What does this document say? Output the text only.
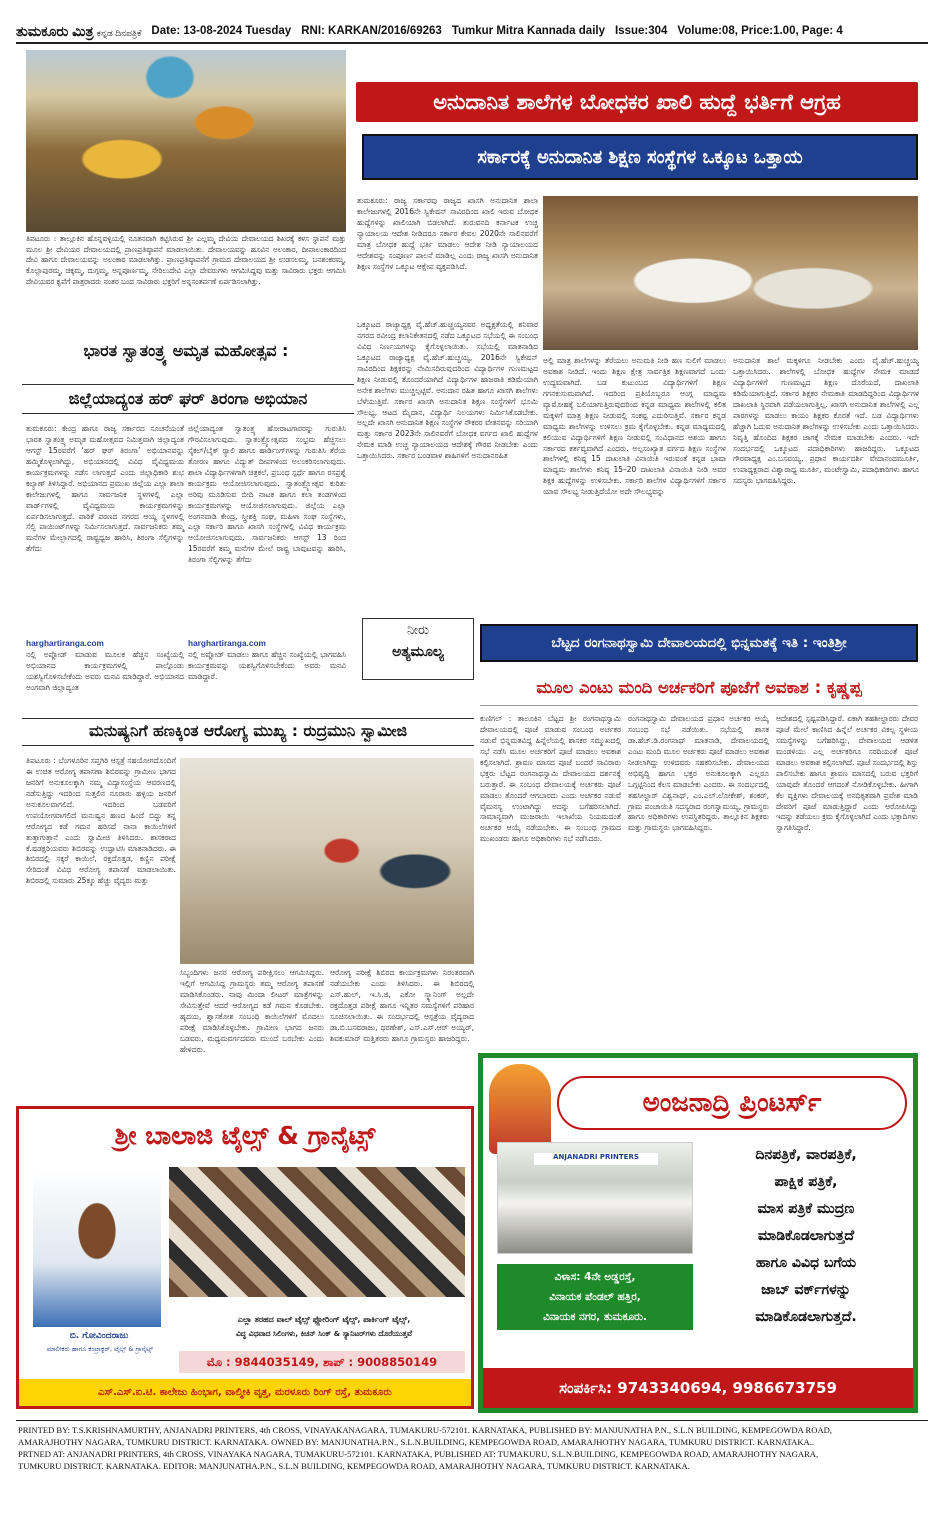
ತುಮಕೂರು ಮಿತ್ರ ಕನ್ನಡ ದಿನಪತ್ರಿಕೆ Date: 13-08-2024 Tuesday RNI: KARKAN/2016/69263 Tumkur Mitra Kannada daily Issue:304 Volume:08, Price:1.00, Page: 4
ತಿಪಟೂರು : ತಾಲ್ಲೂಕಿನ ಹೊನ್ನವಳ್ಳಿಯಲ್ಲಿ ನೂತನವಾಗಿ ಕಟ್ಟಿಸಿರುವ ಶ್ರೀ ಎಲ್ಲಮ್ಮ ದೇವಿಯ ದೇವಾಲಯದ ಶಿಖರಕ್ಕೆ ಕಳಸ ಸ್ಥಾಪನೆ ಮತ್ತು ಮೂಲ ಶ್ರೀ ದೇವಿಯರ ದೇವಾಲಯದಲ್ಲಿ ಪ್ರಾಣಪ್ರತಿಷ್ಠಾಪನೆ ಮಾಡಲಾಯಿತು. ದೇವಾಲಯವನ್ನು ಹೂವಿನ ಅಲಂಕಾರ, ದೀಪಾಲಂಕಾರದಿಂದ ದೇವಿ ಹಾಗೂ ದೇವಾಲಯವನ್ನು ಅಲಂಕಾರ ಮಾಡಲಾಗಿತ್ತು. ಪ್ರಾಣಪ್ರತಿಷ್ಠಾಪನೆಗೆ ಗ್ರಾಮದ ದೇವಾಲಯದ ಶ್ರೀ ಉಡಸಲಮ್ಮ, ಬನಶಂಕರಮ್ಮ, ಕೊಲ್ಲಾಪುರಮ್ಮ, ಚಿಕ್ಕಮ್ಮ, ದುಗ್ಗಮ್ಮ, ಅನ್ನಪೂರ್ಣಮ್ಮ, ನೇರಿಲುದೇವಿ ಎಲ್ಲಾ ದೇವರುಗಳು ಆಗಮಿಸಿದ್ದವು ಮತ್ತು ಸಾವಿರಾರು ಭಕ್ತರು ಆಗಮಿಸಿ ದೇವಿಯವರ ಕೃಪೆಗೆ ಪಾತ್ರರಾದರು ನಂತರ ಬಂದ ಸಾವಿರಾರು ಭಕ್ತರಿಗೆ ಅನ್ನಸಂತರ್ಪಣೆ ಏರ್ಪಡಿಸಲಾಗಿತ್ತು.
ಅನುದಾನಿತ ಶಾಲೆಗಳ ಬೋಧಕರ ಖಾಲಿ ಹುದ್ದೆ ಭರ್ತಿಗೆ ಆಗ್ರಹ
ಸರ್ಕಾರಕ್ಕೆ ಅನುದಾನಿತ ಶಿಕ್ಷಣ ಸಂಸ್ಥೆಗಳ ಒಕ್ಕೂಟ ಒತ್ತಾಯ
ತುಮಕೂರು: ರಾಜ್ಯ ಸರ್ಕಾರವು ರಾಜ್ಯದ ಖಾಸಗಿ ಅನುದಾನಿತ ಶಾಲಾ ಕಾಲೇಜುಗಳಲ್ಲಿ 2016ನೇ ಸ್ವಿಕೇಷನ್ ಸಾವಿರದಿಂದ ಖಾಲಿ ಇರುವ ಬೋಧಕ ಹುದ್ದೆಗಳನ್ನು ಖಾಲಿಯಾಗಿ ಬಿಡಲಾಗಿದೆ. ತುರುವನದಿ ಕರ್ನಾಟಕ ಉಚ್ಚ ನ್ಯಾಯಾಲಯ ಆದೇಶ ನೀಡಿದರೂ ಸರ್ಕಾರ ಕೇವಲ 2020ನೇ ಸಾಲಿನವರೆಗೆ ಮಾತ್ರ ಬೋಧಕ ಹುದ್ದೆ ಭರ್ತಿ ಮಾಡಲು ಆದೇಶ ನೀಡಿ ನ್ಯಾಯಾಲಯದ ಆದೇಶವನ್ನು ಸಂಪೂರ್ಣ ಪಾಲನೆ ಮಾಡಿಲ್ಲ ಎಂದು ರಾಜ್ಯ ಖಾಸಗಿ ಅನುದಾನಿತ ಶಿಕ್ಷಣ ಸಂಸ್ಥೆಗಳ ಒಕ್ಕೂಟ ಆಕ್ಷೇಪ ವ್ಯಕ್ತಪಡಿಸಿದೆ.
ಒಕ್ಕೂಟದ ರಾಜ್ಯಾಧ್ಯಕ್ಷ ವೈ.ಹೆಚ್.ಹುಚ್ಚಯ್ಯನವರ ಅಧ್ಯಕ್ಷತೆಯಲ್ಲಿ ಶನಿವಾರ ನಗರದ ರವೀಂದ್ರ ಕಲಾನಿಕೇತನದಲ್ಲಿ ನಡೆದ ಒಕ್ಕೂಟದ ಸಭೆಯಲ್ಲಿ ಈ ಸಂಬಂಧ ವಿವಿಧ ನಿರ್ಣಯಗಳನ್ನು ಕೈಗೊಳ್ಳಲಾಯಿತು. ಸಭೆಯಲ್ಲಿ ಮಾತನಾಡಿದ ಒಕ್ಕೂಟದ ರಾಜ್ಯಾಧ್ಯಕ್ಷ ವೈ.ಹೆಚ್.ಹುಚ್ಚಯ್ಯ, 2016ನೇ ಸ್ವಿಕೇಷನ್ ಸಾವಿರದಿಂದ ಶಿಕ್ಷಕರನ್ನು ನೇಮಿಸದಿರುವುದರಿಂದ ವಿದ್ಯಾರ್ಥಿಗಳ ಗುಣಮಟ್ಟದ ಶಿಕ್ಷಣ ನೀಡುವಲ್ಲಿ ತೊಂದರೆಯಾಗಿದೆ ವಿದ್ಯಾರ್ಥಿಗಳ ಹಾಜರಾತಿ ಕಡಿಮೆಯಾಗಿ ಅನೇಕ ಶಾಲೆಗಳು ಮುಚ್ಚಲ್ಪಟ್ಟಿವೆ. ಅನುದಾನ ರಹಿತ ಹಾಗೂ ಖಾಸಗಿ ಶಾಲೆಗಳು ಬೆಳೆಯುತ್ತಿವೆ. ಸರ್ಕಾರ ಖಾಸಗಿ ಅನುದಾನಿತ ಶಿಕ್ಷಣ ಸಂಸ್ಥೆಗಳಿಗೆ ಭೂಮಿ ಸೌಲಭ್ಯ, ಆಟದ ಮೈದಾನ, ವಿದ್ಯಾರ್ಥಿ ನಿಲಯಗಳು ನಿರ್ಮಿಸಿಕೊಡಬೇಕು. ಅಲ್ಲದೇ ಖಾಸಗಿ ಅನುದಾನಿತ ಶಿಕ್ಷಣ ಸಂಸ್ಥೆಗಳ ನೌಕರರ ವೇತನವನ್ನು ಸರಿಯಾಗಿ ಮತ್ತು ಸರ್ಕಾರ 2023ನೇ ಸಾಲಿನವರೆಗೆ ಬೋಧಕ ವರ್ಗದ ಖಾಲಿ ಹುದ್ದೆಗಳ ನೇಮಕ ಮಾಡಿ ಉಚ್ಚ ನ್ಯಾಯಾಲಯದ ಆದೇಶಕ್ಕೆ ಗೌರವ ನೀಡಬೇಕು ಎಂದು ಒತ್ತಾಯಿಸಿದರು. ಸರ್ಕಾರ ಬಂಡವಾಳ ಶಾಹಿಗಳಿಗೆ ಅನುದಾನರಹಿತ
ಅಲ್ಲಿ ಮಾತ್ರ ಶಾಲೆಗಳನ್ನು ತೆರೆಯಲು ಅನುಮತಿ ನೀಡಿ ಹಣ ಸುಲಿಗೆ ಮಾಡಲು ಅವಕಾಶ ನೀಡಿದೆ. ಇಂದು ಶಿಕ್ಷಣ ಕ್ಷೇತ್ರ ಸಾರ್ವತ್ರಿಕ ಶಿಕ್ಷಣವಾಗದೆ ಒಂದು ಉದ್ಯಮವಾಗಿದೆ. ಬಡ ಕುಟುಂಬದ ವಿದ್ಯಾರ್ಥಿಗಳಿಗೆ ಶಿಕ್ಷಣ ಗಗನಕುಸುಮವಾಗಿದೆ. ಇದರಿಂದ ಪ್ರತಿಯೊಬ್ಬರೂ ಆಂಗ್ಲ ಮಾಧ್ಯಮ ವ್ಯಾಮೋಹಕ್ಕೆ ಬಲಿಯಾಗುತ್ತಿರುವುದರಿಂದ ಕನ್ನಡ ಮಾಧ್ಯಮ ಶಾಲೆಗಳಲ್ಲಿ ಕಲಿತ ಮಕ್ಕಳಿಗೆ ಮಾತ್ರ ಶಿಕ್ಷಣ ನೀಡುವಲ್ಲಿ ಸಂಕಷ್ಟ ಎದುರಿಸುತ್ತಿವೆ. ಸರ್ಕಾರ ಕನ್ನಡ ಮಾಧ್ಯಮ ಶಾಲೆಗಳನ್ನು ಉಳಿಸಲು ಕ್ರಮ ಕೈಗೊಳ್ಳಬೇಕು. ಕನ್ನಡ ಮಾಧ್ಯಮದಲ್ಲಿ ಕಲಿಯುವ ವಿದ್ಯಾರ್ಥಿಗಳಿಗೆ ಶಿಕ್ಷಣ ನೀಡುವಲ್ಲಿ ಸಂವಿಧಾನದ ಆಶಯ ಹಾಗೂ ಸರ್ಕಾರದ ಕರ್ತವ್ಯವಾಗಿದೆ ಎಂದರು. ಅಲ್ಪಸಂಖ್ಯಾತ ವರ್ಗದ ಶಿಕ್ಷಣ ಸಂಸ್ಥೆಗಳ ಶಾಲೆಗಳಲ್ಲಿ ಕನಿಷ್ಠ 15 ದಾಖಲಾತಿ ವಿನಾಯಿತಿ ಇರುವಂತೆ ಕನ್ನಡ ಭಾಷಾ ಮಾಧ್ಯಮ ಶಾಲೆಗಳು ಕನಿಷ್ಠ 15–20 ದಾಖಲಾತಿ ವಿನಾಯಿತಿ ನೀಡಿ ಅವರ ಶಿಕ್ಷಕ ಹುದ್ದೆಗಳನ್ನು ಉಳಿಸಬೇಕು. ಸರ್ಕಾರಿ ಶಾಲೆಗಳ ವಿದ್ಯಾರ್ಥಿಗಳಿಗೆ ಸರ್ಕಾರ ಯಾವ ಸೌಲಭ್ಯ ನೀಡುತ್ತಿದೆಯೋ ಅದೇ ಸೌಲಭ್ಯವನ್ನು
ಅನುದಾನಿತ ಶಾಲೆ ಮಕ್ಕಳಿಗೂ ನೀಡಬೇಕು ಎಂದು ವೈ.ಹೆಚ್.ಹುಚ್ಚಯ್ಯ ಒತ್ತಾಯಿಸಿದರು. ಶಾಲೆಗಳಲ್ಲಿ ಬೋಧಕ ಹುದ್ದೆಗಳ ನೇಮಕ ಮಾಡದೆ ವಿದ್ಯಾರ್ಥಿಗಳಿಗೆ ಗುಣಮಟ್ಟದ ಶಿಕ್ಷಣ ದೊರೆಯದೆ, ದಾಖಲಾತಿ ಕಡಿಮೆಯಾಗುತ್ತಿದೆ. ಸರ್ಕಾರ ಶಿಕ್ಷಕರ ನೇಮಕಾತಿ ಮಾಡದಿದ್ದರಿಂದ ವಿದ್ಯಾರ್ಥಿಗಳ ದಾಖಲಾತಿ ಸ್ಥಿರವಾಗಿ ಪಡೆಯಲಾಗುತ್ತಿಲ್ಲ. ಖಾಸಗಿ ಅನುದಾನಿತ ಶಾಲೆಗಳಲ್ಲಿ ಎಲ್ಲ ಪಾಠಗಳನ್ನು ಮಾಡಲು ಕಾಯಂ ಶಿಕ್ಷಕರ ಕೊರತೆ ಇದೆ. ಬಡ ವಿದ್ಯಾರ್ಥಿಗಳು ಹೆಚ್ಚಾಗಿ ಓದುವ ಅನುದಾನಿತ ಶಾಲೆಗಳನ್ನು ಉಳಿಸಬೇಕು ಎಂದು ಒತ್ತಾಯಿಸಿದರು. ನಿವೃತ್ತಿ ಹೊಂದಿದ ಶಿಕ್ಷಕರ ಜಾಗಕ್ಕೆ ನೇಮಕ ಮಾಡಬೇಕು ಎಂದರು. ಇದೇ ಸಂದರ್ಭದಲ್ಲಿ ಒಕ್ಕೂಟದ ಪದಾಧಿಕಾರಿಗಳು ಹಾಜರಿದ್ದರು. ಒಕ್ಕೂಟದ ಗೌರವಾಧ್ಯಕ್ಷ ಎಂ.ಬಸವಯ್ಯ, ಪ್ರಧಾನ ಕಾರ್ಯದರ್ಶಿ ವೇದಾನಂದಮೂರ್ತಿ, ಉಪಾಧ್ಯಕ್ಷರಾದ ವಿಶ್ವಾರಾಧ್ಯ ಮೂರ್ತಿ, ಮಂಟೇಸ್ವಾಮಿ, ಪದಾಧಿಕಾರಿಗಳು ಹಾಗೂ ಸದಸ್ಯರು ಭಾಗವಹಿಸಿದ್ದರು.
ಭಾರತ ಸ್ವಾತಂತ್ರ್ಯ ಅಮೃತ ಮಹೋತ್ಸವ :
ಜಿಲ್ಲೆಯಾದ್ಯಂತ ಹರ್ ಘರ್ ತಿರಂಗಾ ಅಭಿಯಾನ
ತುಮಕೂರು: ಕೇಂದ್ರ ಹಾಗೂ ರಾಜ್ಯ ಸರ್ಕಾರದ ಸೂಚನೆಯಂತೆ ಭಾರತ ಸ್ವಾತಂತ್ರ್ಯ ಅಮೃತ ಮಹೋತ್ಸವದ ನಿಮಿತ್ತವಾಗಿ ಜಿಲ್ಲಾದ್ಯಂತ ಆಗಸ್ಟ್ 15ರವರೆಗೆ ‘ಹರ್ ಘರ್ ತಿರಂಗಾ’ ಅಭಿಯಾನವನ್ನು ಹಮ್ಮಿಕೊಳ್ಳಲಾಗಿದ್ದು, ಅಭಿಯಾನದಲ್ಲಿ ವಿವಿಧ ವೈವಿಧ್ಯಮಯ ಕಾರ್ಯಕ್ರಮಗಳನ್ನು ನಡೆಸ ಲಾಗುತ್ತದೆ ಎಂದು ಜಿಲ್ಲಾಧಿಕಾರಿ ಶುಭ ಕಲ್ಯಾಣ್ ತಿಳಿಸಿದ್ದಾರೆ. ಅಭಿಯಾನದ ಪ್ರಮುಖ ಜಿಲ್ಲೆಯ ಎಲ್ಲಾ ಶಾಲಾ ಕಾಲೇಜುಗಳಲ್ಲಿ ಹಾಗೂ ಸಾರ್ವಜನಿಕ ಸ್ಥಳಗಳಲ್ಲಿ ಎಲ್ಲಾ ವಾರ್ಡ್‌ಗಳಲ್ಲಿ ವೈವಿಧ್ಯಮಯ ಕಾರ್ಯಕ್ರಮಗಳನ್ನು ಏರ್ಪಡಿಸಲಾಗುತ್ತದೆ. ಪಾಠಿಕೆ ಪಠಣದ ನಗರದ ಆಯ್ದ ಸ್ಥಳಗಳಲ್ಲಿ ಸೆಲ್ಫಿ ಪಾಯಿಂಟ್‌ಗಳನ್ನು ನಿರ್ಮಿಸಲಾಗುತ್ತದೆ. ಸಾರ್ವಜನಿಕರು ತಮ್ಮ ಮನೆಗಳ ಮೇಲ್ಭಾಗದಲ್ಲಿ ರಾಷ್ಟ್ರಧ್ವಜ ಹಾರಿಸಿ, ತಿರಂಗಾ ಸೆಲ್ಫಿಗಳನ್ನು ತೆಗೆದು
harghartiranga.com
ನಲ್ಲಿ ಅಪ್ಲೋಡ್ ಮಾಡುವ ಮೂಲಕ ಹೆಚ್ಚಿನ ಸಂಖ್ಯೆಯಲ್ಲಿ ಅಭಿಯಾನದ ಕಾರ್ಯಕ್ರಮಗಳಲ್ಲಿ ಪಾಲ್ಗೊಂಡು ಯಶಸ್ವಿಗೊಳಿಸಬೇಕೆಂದು ಅವರು ಮನವಿ ಮಾಡಿದ್ದಾರೆ. ಅಭಿಯಾನದ ಅಂಗವಾಗಿ ಜಿಲ್ಲಾದ್ಯಂತ
ಜಿಲ್ಲೆಯಾದ್ಯಂತ ಸ್ವಾತಂತ್ರ್ಯ ಹೋರಾಟಗಾರರನ್ನು ಗುರುತಿಸಿ ಗೌರವಿಸಲಾಗುವುದು. ಸ್ವಾತಂತ್ರ್ಯೋತ್ಸವದ ಸಂಭ್ರಮ ಹೆಚ್ಚಿಸಲು ಸೈಕಲ್/ಬೈಕ್ ರ‍್ಯಾಲಿ ಹಾಗೂ ಹಾರ್ಡಿಂಗ್‌ಗಳನ್ನು ಗುರುತಿಸಿ ತೆರೆಯ ತೋರಣ ಹಾಗೂ ವಿದ್ಯುತ್ ದೀಪಗಳಿಂದ ಅಲಂಕರಿಸಲಾಗುವುದು. ಶಾಲಾ ವಿದ್ಯಾರ್ಥಿಗಳಿಗಾಗಿ ಚಿತ್ರಕಲೆ, ಪ್ರಬಂಧ ಸ್ಪರ್ಧೆ ಹಾಗೂ ರಸಪ್ರಶ್ನೆ ಕಾರ್ಯಕ್ರಮ ಆಯೋಜಿಸಲಾಗುವುದು. ಸ್ವಾತಂತ್ರ್ಯೋತ್ಸವ ಕುರಿತು ಅರಿವು ಮೂಡಿಸುವ ಬೀದಿ ನಾಟಕ ಹಾಗೂ ಕಲಾ ತಂಡಗಳಿಂದ ಕಾರ್ಯಕ್ರಮಗಳನ್ನು ಆಯೋಜಿಸಲಾಗುವುದು. ಜಿಲ್ಲೆಯ ಎಲ್ಲಾ ಅಂಗನವಾಡಿ ಕೇಂದ್ರ, ಸ್ತ್ರೀಶಕ್ತಿ ಸಂಘ, ಮಹಿಳಾ ಸಂಘ ಸಂಸ್ಥೆಗಳು, ಎಲ್ಲಾ ಸರ್ಕಾರಿ ಹಾಗೂ ಖಾಸಗಿ ಸಂಸ್ಥೆಗಳಲ್ಲಿ ವಿವಿಧ ಕಾರ್ಯಕ್ರಮ ಆಯೋಜಿಸಲಾಗುವುದು. ಸಾರ್ವಜನಿಕರು ಆಗಸ್ಟ್ 13 ರಿಂದ 15ರವರೆಗೆ ತಮ್ಮ ಮನೆಗಳ ಮೇಲೆ ರಾಷ್ಟ್ರ ಬಾವುಟವನ್ನು ಹಾರಿಸಿ, ತಿರಂಗಾ ಸೆಲ್ಫಿಗಳನ್ನು ತೆಗೆದು
harghartiranga.com
ನಲ್ಲಿ ಅಪ್ಲೋಡ್ ಮಾಡಲು ಹಾಗೂ ಹೆಚ್ಚಿನ ಸಂಖ್ಯೆಯಲ್ಲಿ ಭಾಗವಹಿಸಿ ಕಾರ್ಯಕ್ರಮವನ್ನು ಯಶಸ್ವಿಗೊಳಿಸಬೇಕೆಂದು ಅವರು ಮನವಿ ಮಾಡಿದ್ದಾರೆ.
ನೀರು
ಅತ್ಯಮೂಲ್ಯ
ಬೆಟ್ಟದ ರಂಗನಾಥಸ್ವಾಮಿ ದೇವಾಲಯದಲ್ಲಿ ಭಿನ್ನಮತಕ್ಕೆ ಇತಿ : ಇಂತಿಶ್ರೀ
ಮೂಲ ಎಂಟು ಮಂದಿ ಅರ್ಚಕರಿಗೆ ಪೂಜೆಗೆ ಅವಕಾಶ : ಕೃಷ್ಣಪ್ಪ
ಮನುಷ್ಯನಿಗೆ ಹಣಕ್ಕಿಂತ ಆರೋಗ್ಯ ಮುಖ್ಯ : ರುದ್ರಮುನಿ ಸ್ವಾಮೀಜಿ
ತಿಪಟೂರು : ಬೆಂಗಳೂರಿನ ಸಪ್ತಗಿರಿ ಆಸ್ಪತ್ರೆ ಸಹಯೋಗದೊಂದಿಗೆ ಈ ಉಚಿತ ಆರೋಗ್ಯ ತಪಾಸಣಾ ಶಿಬಿರವನ್ನು ಗ್ರಾಮೀಣ ಭಾಗದ ಜನರಿಗೆ ಅನುಕೂಲಕ್ಕಾಗಿ ನಮ್ಮ ವಿದ್ಯಾಸಂಸ್ಥೆಯ ಆವರಣದಲ್ಲಿ ನಡೆಸುತ್ತಿದ್ದು ಇದರಿಂದ ಸುತ್ತಲಿನ ನೂರಾರು ಹಳ್ಳಿಯ ಜನರಿಗೆ ಅನುಕೂಲವಾಗಲಿದೆ. ಇದರಿಂದ ಬಡವರಿಗೆ ಉಪಯೋಗವಾಗಲಿದೆ ಮನುಷ್ಯನ ಹಣದ ಹಿಂದೆ ಬಿದ್ದು ತನ್ನ ಆರೋಗ್ಯದ ಕಡೆ ಗಮನ ಹರಿಸದೆ ನಾನಾ ಕಾಯಿಲೆಗಳಿಗೆ ತುತ್ತಾಗುತ್ತಾನೆ ಎಂದು ಸ್ವಾಮೀಜಿ ತಿಳಿಸಿದರು. ಶಾಸಕರಾದ ಕೆ.ಷಡಕ್ಷರಿಯವರು ಶಿಬಿರವನ್ನು ಉದ್ಘಾಟಿಸಿ ಮಾತನಾಡಿದರು. ಈ ಶಿಬಿರದಲ್ಲಿ ಸಕ್ಕರೆ ಕಾಯಿಲೆ, ರಕ್ತದೊತ್ತಡ, ಕಣ್ಣಿನ ಪರೀಕ್ಷೆ ಸೇರಿದಂತೆ ವಿವಿಧ ಆರೋಗ್ಯ ತಪಾಸಣೆ ಮಾಡಲಾಯಿತು. ಶಿಬಿರದಲ್ಲಿ ಸುಮಾರು 25ಕ್ಕೂ ಹೆಚ್ಚು ವೈದ್ಯರು ಮತ್ತು
ಸಿಬ್ಬಂದಿಗಳು ಜನರ ಆರೋಗ್ಯ ಪರೀಕ್ಷಿಸಲು ಆಗಮಿಸಿದ್ದರು. ಇಲ್ಲಿಗೆ ಆಗಮಿಸಿದ್ದ ಗ್ರಾಮಸ್ಥರು ತಮ್ಮ ಆರೋಗ್ಯ ತಪಾಸಣೆ ಮಾಡಿಸಿಕೊಂಡರು. ನಾವು ಮಿಂದಾ ಲೀಟರ್ ಮಾತ್ರೆಗಳನ್ನು ಸೇವಿಸುತ್ತೇವೆ ಆದರೆ ಆರೋಗ್ಯದ ಕಡೆ ಗಮನ ಕೊಡಬೇಕು. ಹೃದಯ, ಶ್ವಾಸಕೋಶ ಸಂಬಂಧಿ ಕಾಯಿಲೆಗಳಿಗೆ ಮೊದಲು ಪರೀಕ್ಷೆ ಮಾಡಿಸಿಕೊಳ್ಳಬೇಕು. ಗ್ರಾಮೀಣ ಭಾಗದ ಜನರು ಬಡವರು, ಮಧ್ಯಮವರ್ಗದವರು ಮುಂದೆ ಬರಬೇಕು ಎಂದು ಹೇಳಿದರು.
ಆರೋಗ್ಯ ಪರೀಕ್ಷೆ ಶಿಬಿರದ ಕಾರ್ಯಕ್ರಮಗಳು ನಿರಂತರವಾಗಿ ನಡೆಯಬೇಕು ಎಂದು ತಿಳಿಸಿದರು. ಈ ಶಿಬಿರದಲ್ಲಿ ಎಸ್‌.ಹುಲ್, ಇ.ಸಿ.ಜಿ, ಎಕೋ ಸ್ಕ್ಯಾನಿಂಗ್ ಅಲ್ಲದೇ ರಕ್ತದೊತ್ತಡ ಪರೀಕ್ಷೆ ಹಾಗೂ ಇನ್ನಿತರ ಸಮಸ್ಯೆಗಳಿಗೆ ಪರಿಹಾರ ಸೂಚಿಸಲಾಯಿತು. ಈ ಸಂದರ್ಭದಲ್ಲಿ ಆಸ್ಪತ್ರೆಯ ವೈದ್ಯರಾದ ಡಾ.ಬಿ.ಬಸವರಾಜು, ಧರಣೇಶ್, ಎಸ್.ಎಸ್.ಆರ್ ಅಯ್ಯರ್, ಶಿವಕುಮಾರ್ ಮತ್ತಿತರರು ಹಾಗೂ ಗ್ರಾಮಸ್ಥರು ಹಾಜರಿದ್ದರು.
ಕುಣಿಗಲ್ : ತಾಲೂಕಿನ ಬೆಟ್ಟದ ಶ್ರೀ ರಂಗನಾಥಸ್ವಾಮಿ ದೇವಾಲಯದಲ್ಲಿ ಪೂಜೆ ಮಾಡುವ ಸಂಬಂಧ ಅರ್ಚಕರ ನಡುವೆ ಭಿನ್ನಮತವಿದ್ದ ಹಿನ್ನೆಲೆಯಲ್ಲಿ ಶಾಸಕರ ಸಮ್ಮುಖದಲ್ಲಿ ಸಭೆ ನಡೆಸಿ ಮೂಲ ಅರ್ಚಕರಿಗೆ ಪೂಜೆ ಮಾಡಲು ಅವಕಾಶ ಕಲ್ಪಿಸಲಾಗಿದೆ. ಶ್ರಾವಣ ಮಾಸದ ಪೂಜೆ ಬಂದರೆ ಸಾವಿರಾರು ಭಕ್ತರು ಬೆಟ್ಟದ ರಂಗನಾಥಸ್ವಾಮಿ ದೇವಾಲಯದ ದರ್ಶನಕ್ಕೆ ಬರುತ್ತಾರೆ. ಈ ಸಂಬಂಧ ದೇವಾಲಯಕ್ಕೆ ಅರ್ಚಕರು ಪೂಜೆ ಮಾಡಲು ತೊಂದರೆ ಆಗಬಾರದು ಎಂದು ಅರ್ಚಕರ ನಡುವೆ ವೈಮನಸ್ಯ ಉಂಟಾಗಿದ್ದು ಅದನ್ನು ಬಗೆಹರಿಸಲಾಗಿದೆ. ಸಾಮಾನ್ಯವಾಗಿ ಮುಜರಾಯಿ ಇಲಾಖೆಯ ನಿಯಮದಂತೆ ಅರ್ಚಕರ ಆಯ್ಕೆ ನಡೆಯಬೇಕು. ಈ ಸಂಬಂಧ ಗ್ರಾಮದ ಮುಖಂಡರು ಹಾಗೂ ಅಧಿಕಾರಿಗಳು ಸಭೆ ನಡೆಸಿದರು.
ರಂಗನಾಥಸ್ವಾಮಿ ದೇವಾಲಯದ ಪ್ರಧಾನ ಅರ್ಚಕರ ಆಯ್ಕೆ ಸಂಬಂಧ ಸಭೆ ನಡೆಯಿತು. ಸಭೆಯಲ್ಲಿ ಶಾಸಕ ಡಾ.ಹೆಚ್.ಡಿ.ರಂಗನಾಥ್ ಮಾತನಾಡಿ, ದೇವಾಲಯದಲ್ಲಿ ಎಂಟು ಮಂದಿ ಮೂಲ ಅರ್ಚಕರು ಪೂಜೆ ಮಾಡಲು ಅವಕಾಶ ನೀಡಲಾಗಿದ್ದು ಉಳಿದವರು ಸಹಕರಿಸಬೇಕು. ದೇವಾಲಯದ ಅಭಿವೃದ್ಧಿ ಹಾಗೂ ಭಕ್ತರ ಅನುಕೂಲಕ್ಕಾಗಿ ಎಲ್ಲರೂ ಒಗ್ಗಟ್ಟಿನಿಂದ ಕೆಲಸ ಮಾಡಬೇಕು ಎಂದರು. ಈ ಸಂದರ್ಭದಲ್ಲಿ ತಹಸೀಲ್ದಾರ್ ವಿಶ್ವನಾಥ್, ಎಂ.ಎಲ್.ಲೋಕೇಶ್, ಶಂಕರ್, ಗ್ರಾಮ ಪಂಚಾಯಿತಿ ಸದಸ್ಯರಾದ ರಂಗಸ್ವಾಮಯ್ಯ, ಗ್ರಾಮಸ್ಥರು ಹಾಗೂ ಅಧಿಕಾರಿಗಳು ಉಪಸ್ಥಿತರಿದ್ದರು. ತಾಲ್ಲೂಕಿನ ಶಿಕ್ಷಕರು ಮತ್ತು ಗ್ರಾಮಸ್ಥರು ಭಾಗವಹಿಸಿದ್ದರು.
ಆದೇಶದಲ್ಲಿ ಸ್ಪಷ್ಟಪಡಿಸಿದ್ದಾರೆ. ಏಕಾಗಿ ತಹಶೀಲ್ದಾರರು ದೇವರ ಪೂಜೆ ಮೇಲೆ ಕಾಣಿಸಿದ ಹಿನ್ನೆಲೆ ಅರ್ಚಕರ ವಿಕಲ್ಪ ಸ್ಥಳೀಯ ಸಮಸ್ಯೆಗಳನ್ನು ಬಗೆಹರಿಸಿದ್ದು, ದೇವಾಲಯದ ಆಡಳಿತ ಮಂಡಳಿಯು ಎಲ್ಲ ಅರ್ಚಕರಿಗೂ ಸರದಿಯಂತೆ ಪೂಜೆ ಮಾಡಲು ಅವಕಾಶ ಕಲ್ಪಿಸಲಾಗಿದೆ. ಪೂಜೆ ಸಂದರ್ಭದಲ್ಲಿ ಶಿಸ್ತು ಪಾಲಿಸಬೇಕು ಹಾಗೂ ಶ್ರಾವಣ ಮಾಸದಲ್ಲಿ ಬರುವ ಭಕ್ತರಿಗೆ ಯಾವುದೇ ತೊಂದರೆ ಆಗದಂತೆ ನೋಡಿಕೊಳ್ಳಬೇಕು. ಹೀಗಾಗಿ ಕೆಲ ವ್ಯಕ್ತಿಗಳು ದೇವಾಲಯಕ್ಕೆ ಅನಧಿಕೃತವಾಗಿ ಪ್ರವೇಶ ಮಾಡಿ ದೇವರಿಗೆ ಪೂಜೆ ಮಾಡುತ್ತಿದ್ದಾರೆ ಎಂದು ಆರೋಪಿಸಿದ್ದು ಇದನ್ನು ತಡೆಯಲು ಕ್ರಮ ಕೈಗೊಳ್ಳಲಾಗಿದೆ ಎಂದು ಭಕ್ತಾದಿಗಳು ಸ್ವಾಗತಿಸಿದ್ದಾರೆ.
ಶ್ರೀ ಬಾಲಾಜಿ ಟೈಲ್ಸ್ & ಗ್ರಾನೈಟ್ಸ್
ಬಿ. ಗೋವಿಂದರಾಜು
ಮಾಲೀಕರು ಹಾಗೂ ಕಂಟ್ರಾಕ್ಟರ್, ಟೈಲ್ಸ್ & ಗ್ರಾನೈಟ್ಸ್
ಎಲ್ಲಾ ತರಹದ ವಾಲ್ ಟೈಲ್ಸ್ ಫ್ಲೋರಿಂಗ್ ಟೈಲ್ಸ್, ಪಾರ್ಕಿಂಗ್ ಟೈಲ್ಸ್,
ವಿದ್ಧ ವಿಧವಾದ ಸಿಲಿಂಗಳು, ಕಿಚನ್ ಸಿಂಕ್ & ಸ್ಯಾನಿಟರ್‌ಗಳು ದೊರೆಯುತ್ತವೆ
ಮೊ : 9844035149, ಶಾಪ್ : 9008850149
ಎಸ್.ಎಸ್.ಐ.ಟಿ. ಕಾಲೇಜು ಹಿಂಭಾಗ, ವಾಲ್ಮೀಕಿ ವೃತ್ತ, ಮರಳೂರು ರಿಂಗ್ ರಸ್ತೆ, ತುಮಕೂರು
ಅಂಜನಾದ್ರಿ ಪ್ರಿಂಟರ್ಸ್
ANJANADRI PRINTERS	ದಿನಪತ್ರಿಕೆ, ವಾರಪತ್ರಿಕೆ,
ಪಾಕ್ಷಿಕ ಪತ್ರಿಕೆ,
ಮಾಸ ಪತ್ರಿಕೆ ಮುದ್ರಣ
ಮಾಡಿಕೊಡಲಾಗುತ್ತದೆ
ಹಾಗೂ ವಿವಿಧ ಬಗೆಯ
ಜಾಬ್ ವರ್ಕ್‌ಗಳನ್ನು
ಮಾಡಿಕೊಡಲಾಗುತ್ತದೆ.
ವಿಳಾಸ: 4ನೇ ಅಡ್ಡರಸ್ತೆ,
ವಿನಾಯಕ ಪೆಂಡಲ್ ಹತ್ತಿರ,
ವಿನಾಯಕ ನಗರ, ತುಮಕೂರು.
ಸಂಪರ್ಕಿಸಿ: 9743340694, 9986673759
PRINTED BY: T.S.KRISHNAMURTHY, ANJANADRI PRINTERS, 4th CROSS, VINAYAKANAGARA, TUMAKURU-572101. KARNATAKA, PUBLISHED BY: MANJUNATHA P.N., S.L.N BUILDING, KEMPEGOWDA ROAD,
AMARAJHOTHY NAGARA, TUMKURU DISTRICT. KARNATAKA. OWNED BY: MANJUNATHA.P.N., S.L.N.BUILDING, KEMPEGOWDA ROAD, AMARAJHOTHY NAGARA, TUMKURU DISTRICT. KARNATAKA..
PRTNED AT: ANJANADRI PRINTERS, 4th CROSS, VINAYAKA NAGARA, TUMAKURU-572101. KARNATAKA, PUBLISHED AT: TUMAKURU, S.L.N.BUILDING, KEMPEGOWDA ROAD, AMARAJHOTHY NAGARA,
TUMKURU DISTRICT. KARNATAKA. EDITOR: MANJUNATHA.P.N., S.L.N BUILDING, KEMPEGOWDA ROAD, AMARAJHOTHY NAGARA, TUMKURU DISTRICT. KARNATAKA.
